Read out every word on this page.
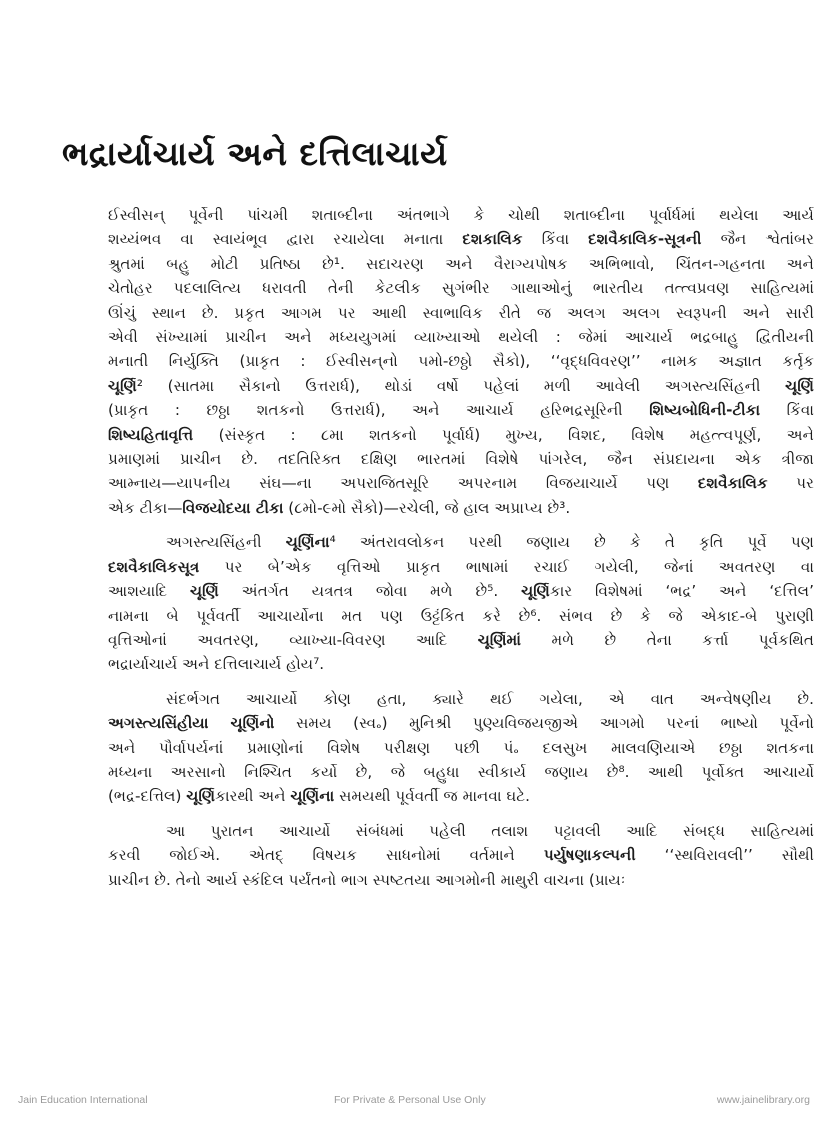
ભદ્રાર્યાચાર્ય અને દત્તિલાચાર્ય

ઈસ્વીસન્ પૂર્વેની પાંચમી શતાબ્દીના અંતભાગે કે ચોથી શતાબ્દીના પૂર્વાર્ધમાં થયેલા આર્ય
શય્યંભવ વા સ્વાયંભૂવ દ્વારા રચાયેલા મનાતા દશકાલિક કિંવા દશવૈકાલિક-સૂત્રની જૈન શ્વેતાંબર
શ્રુતમાં બહુ મોટી પ્રતિષ્ઠા છે¹. સદાચરણ અને વૈરાગ્યપોષક અભિભાવો, ચિંતન-ગહનતા અને
ચેતોહર પદલાલિત્ય ધરાવતી તેની કેટલીક સુગંભીર ગાથાઓનું ભારતીય તત્ત્વપ્રવણ સાહિત્યમાં
ઊંચું સ્થાન છે. પ્રકૃત આગમ પર આથી સ્વાભાવિક રીતે જ અલગ અલગ સ્વરૂપની અને સારી
એવી સંખ્યામાં પ્રાચીન અને મધ્યયુગમાં વ્યાખ્યાઓ થયેલી : જેમાં આચાર્ય ભદ્રબાહુ દ્વિતીયની
મનાતી નિર્યુક્તિ (પ્રાકૃત : ઈસ્વીસન્‌નો ૫મો-છઠ્ઠો સૈકો), ‘‘વૃદ્ધવિવરણ’’ નામક અજ્ઞાત કર્તૃક
ચૂર્ણિ² (સાતમા સૈકાનો ઉત્તરાર્ધ), થોડાં વર્ષો પહેલાં મળી આવેલી અગસ્ત્યસિંહની ચૂર્ણિ
(પ્રાકૃત : છઠ્ઠા શતકનો ઉત્તરાર્ધ), અને આચાર્ય હરિભદ્રસૂરિની શિષ્યબોધિની-ટીકા કિંવા
શિષ્યહિતાવૃત્તિ (સંસ્કૃત : ૮મા શતકનો પૂર્વાર્ધ) મુખ્ય, વિશદ, વિશેષ મહત્ત્વપૂર્ણ, અને
પ્રમાણમાં પ્રાચીન છે. તદતિરિક્ત દક્ષિણ ભારતમાં વિશેષે પાંગરેલ, જૈન સંપ્રદાયના એક ત્રીજા
આમ્નાય—યાપનીય સંઘ—ના અપરાજિતસૂરિ અપરનામ વિજયાચાર્યે પણ દશવૈકાલિક પર
એક ટીકા—વિજયોદયા ટીકા (૮મો-૯મો સૈકો)—રચેલી, જે હાલ અપ્રાપ્ય છે³.

અગસ્ત્યસિંહની ચૂર્ણિના⁴ અંતરાવલોકન પરથી જણાય છે કે તે કૃતિ પૂર્વે પણ
દશવૈકાલિકસૂત્ર પર બે’એક વૃત્તિઓ પ્રાકૃત ભાષામાં રચાઈ ગયેલી, જેનાં અવતરણ વા
આશયાદિ ચૂર્ણિ અંતર્ગત યત્રતત્ર જોવા મળે છે⁵. ચૂર્ણિકાર વિશેષમાં ‘ભદ્ર’ અને ‘દત્તિલ’
નામના બે પૂર્વવર્તી આચાર્યોના મત પણ ઉટ્ટંકિત કરે છે⁶. સંભવ છે કે જે એકાદ-બે પુરાણી
વૃત્તિઓનાં અવતરણ, વ્યાખ્યા-વિવરણ આદિ ચૂર્ણિમાં મળે છે તેના કર્ત્તા પૂર્વકથિત
ભદ્રાર્યાચાર્ય અને દત્તિલાચાર્ય હોય⁷.

સંદર્ભગત આચાર્યો કોણ હતા, ક્યારે થઈ ગયેલા, એ વાત અન્વેષણીય છે.
અગસ્ત્યસિંહીયા ચૂર્ણિનો સમય (સ્વ૰) મુનિશ્રી પુણ્યવિજયજીએ આગમો પરનાં ભાષ્યો પૂર્વેનો
અને પૌર્વાપર્યનાં પ્રમાણોનાં વિશેષ પરીક્ષણ પછી પં૰ દલસુખ માલવણિયાએ છઠ્ઠા શતકના
મધ્યના અરસાનો નિશ્ચિત કર્યો છે, જે બહુધા સ્વીકાર્ય જણાય છે⁸. આથી પૂર્વોક્ત આચાર્યો
(ભદ્ર-દત્તિલ) ચૂર્ણિકારથી અને ચૂર્ણિના સમયથી પૂર્વવર્તી જ માનવા ઘટે.

આ પુરાતન આચાર્યો સંબંધમાં પહેલી તલાશ પટ્ટાવલી આદિ સંબદ્ધ સાહિત્યમાં
કરવી જોઈએ. એતદ્ વિષયક સાધનોમાં વર્તમાને પર્યુષણાકલ્પની ‘‘સ્થવિરાવલી’’ સૌથી
પ્રાચીન છે. તેનો આર્ય સ્કંદિલ પર્યંતનો ભાગ સ્પષ્ટતયા આગમોની માથુરી વાચના (પ્રાયઃ

Jain Education International	For Private & Personal Use Only	www.jainelibrary.org
